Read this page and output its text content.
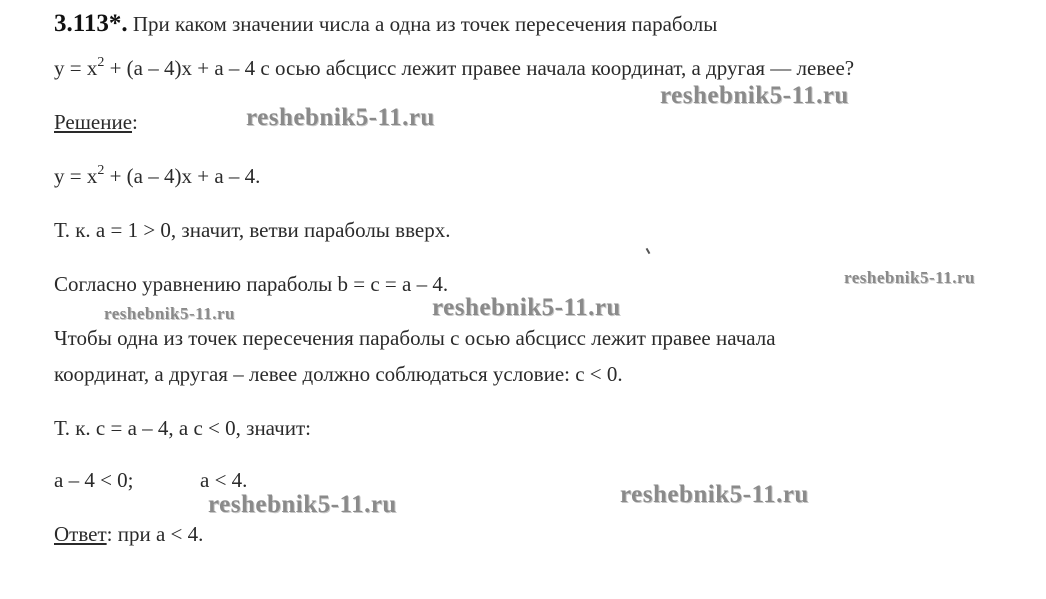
3.113*. При каком значении числа а одна из точек пересечения параболы
$у = х^2 + (а - 4)х + а - 4$ с осью абсцисс лежит правее начала координат, а другая — левее?
Решение:
$у = х^2 + (а - 4)х + а - 4$.
Т. к. а = 1 > 0, значит, ветви параболы вверх.
Согласно уравнению параболы b = с = а – 4.
Чтобы одна из точек пересечения параболы с осью абсцисс лежит правее начала
координат, а другая – левее должно соблюдаться условие: с < 0.
Т. к. с = а – 4, а с < 0, значит:
а – 4 < 0;	а < 4.
Ответ: при а < 4.
reshebnik5-11.ru
reshebnik5-11.ru
reshebnik5-11.ru
reshebnik5-11.ru	reshebnik5-11.ru
reshebnik5-11.ru	reshebnik5-11.ru
